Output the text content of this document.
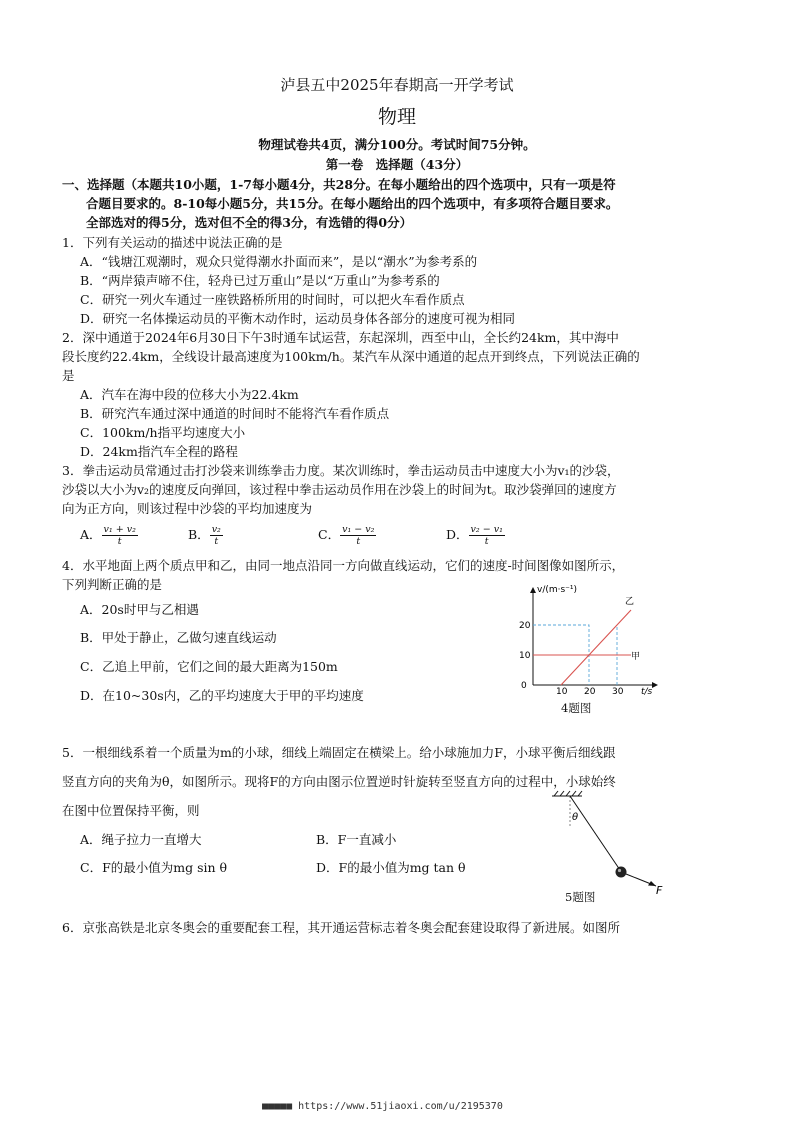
泸县五中2025年春期高一开学考试
物理
物理试卷共4页，满分100分。考试时间75分钟。
第一卷　选择题（43分）
一、选择题（本题共10小题，1-7每小题4分，共28分。在每小题给出的四个选项中，只有一项是符
合题目要求的。8-10每小题5分，共15分。在每小题给出的四个选项中，有多项符合题目要求。
全部选对的得5分，选对但不全的得3分，有选错的得0分）
1．下列有关运动的描述中说法正确的是
A．“钱塘江观潮时，观众只觉得潮水扑面而来”，是以“潮水”为参考系的
B．“两岸猿声啼不住，轻舟已过万重山”是以“万重山”为参考系的
C．研究一列火车通过一座铁路桥所用的时间时，可以把火车看作质点
D．研究一名体操运动员的平衡木动作时，运动员身体各部分的速度可视为相同
2．深中通道于2024年6月30日下午3时通车试运营，东起深圳，西至中山，全长约24km，其中海中
段长度约22.4km，全线设计最高速度为100km/h。某汽车从深中通道的起点开到终点，下列说法正确的
是
A．汽车在海中段的位移大小为22.4km
B．研究汽车通过深中通道的时间时不能将汽车看作质点
C．100km/h指平均速度大小
D．24km指汽车全程的路程
3．拳击运动员常通过击打沙袋来训练拳击力度。某次训练时，拳击运动员击中速度大小为v₁的沙袋，
沙袋以大小为v₂的速度反向弹回，该过程中拳击运动员作用在沙袋上的时间为t。取沙袋弹回的速度方
向为正方向，则该过程中沙袋的平均加速度为
A． $\frac{\text{v₁ + v₂}}{t}$	B． $\frac{\text{v₂}}{t}$	C． $\frac{\text{v₁ − v₂}}{t}$	D． $\frac{\text{v₂ − v₁}}{t}$
4．水平地面上两个质点甲和乙，由同一地点沿同一方向做直线运动，它们的速度-时间图像如图所示，
下列判断正确的是
A．20s时甲与乙相遇
B．甲处于静止，乙做匀速直线运动
C．乙追上甲前，它们之间的最大距离为150m
D．在10~30s内，乙的平均速度大于甲的平均速度
甲
乙
10 20 30
10
20
v/(m·s⁻¹)
t/s
0
4题图
5．一根细线系着一个质量为m的小球，细线上端固定在横梁上。给小球施加力F，小球平衡后细线跟
竖直方向的夹角为θ，如图所示。现将F的方向由图示位置逆时针旋转至竖直方向的过程中，小球始终
在图中位置保持平衡，则
A．绳子拉力一直增大	B．F一直减小
C．F的最小值为mg sin θ	D．F的最小值为mg tan θ
θ
F
5题图
6．京张高铁是北京冬奥会的重要配套工程，其开通运营标志着冬奥会配套建设取得了新进展。如图所
■■■■■ https://www.51jiaoxi.com/u/2195370
